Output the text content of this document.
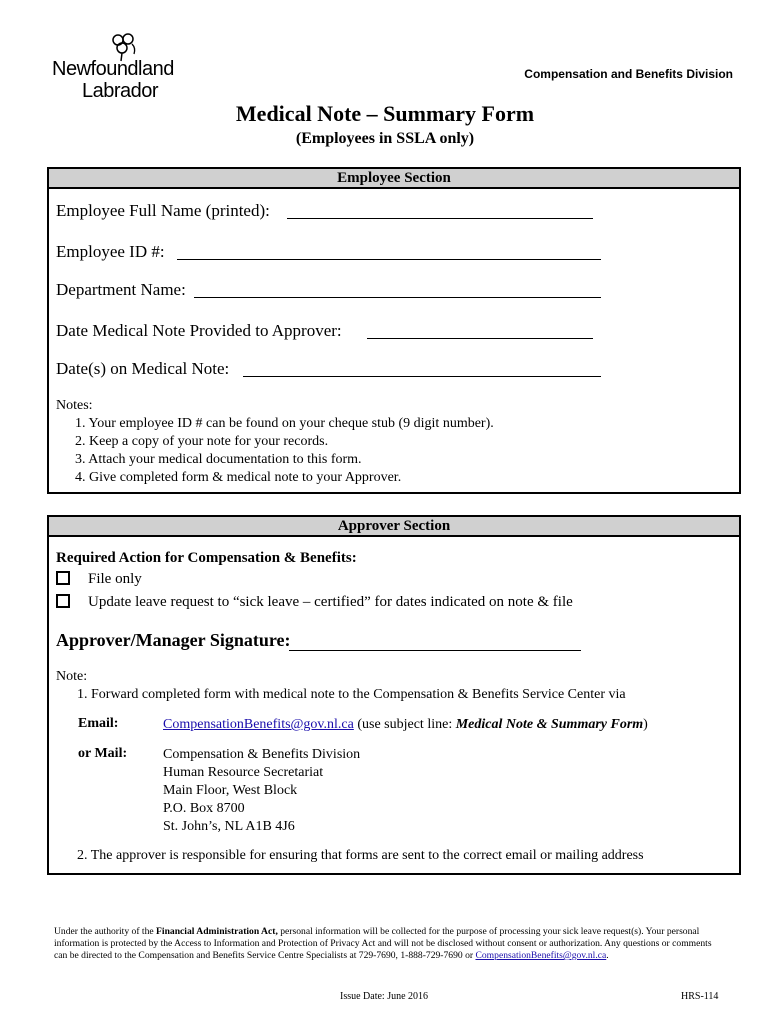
Newfoundland
Labrador
Compensation and Benefits Division
Medical Note – Summary Form
(Employees in SSLA only)
Employee Section
Employee Full Name (printed):
Employee ID #:
Department Name:
Date Medical Note Provided to Approver:
Date(s) on Medical Note:
Notes:
1. Your employee ID # can be found on your cheque stub (9 digit number).
2. Keep a copy of your note for your records.
3. Attach your medical documentation to this form.
4. Give completed form & medical note to your Approver.
Approver Section
Required Action for Compensation & Benefits:
File only
Update leave request to “sick leave – certified” for dates indicated on note & file
Approver/Manager Signature:
Note:
1. Forward completed form with medical note to the Compensation & Benefits Service Center via
Email:	CompensationBenefits@gov.nl.ca (use subject line: Medical Note & Summary Form)
or Mail:	Compensation & Benefits Division
Human Resource Secretariat
Main Floor, West Block
P.O. Box 8700
St. John’s, NL A1B 4J6
2. The approver is responsible for ensuring that forms are sent to the correct email or mailing address
Under the authority of the Financial Administration Act, personal information will be collected for the purpose of processing your sick leave request(s). Your personal information is protected by the Access to Information and Protection of Privacy Act and will not be disclosed without consent or authorization. Any questions or comments can be directed to the Compensation and Benefits Service Centre Specialists at 729-7690, 1-888-729-7690 or CompensationBenefits@gov.nl.ca.
Issue Date: June 2016	HRS-114
